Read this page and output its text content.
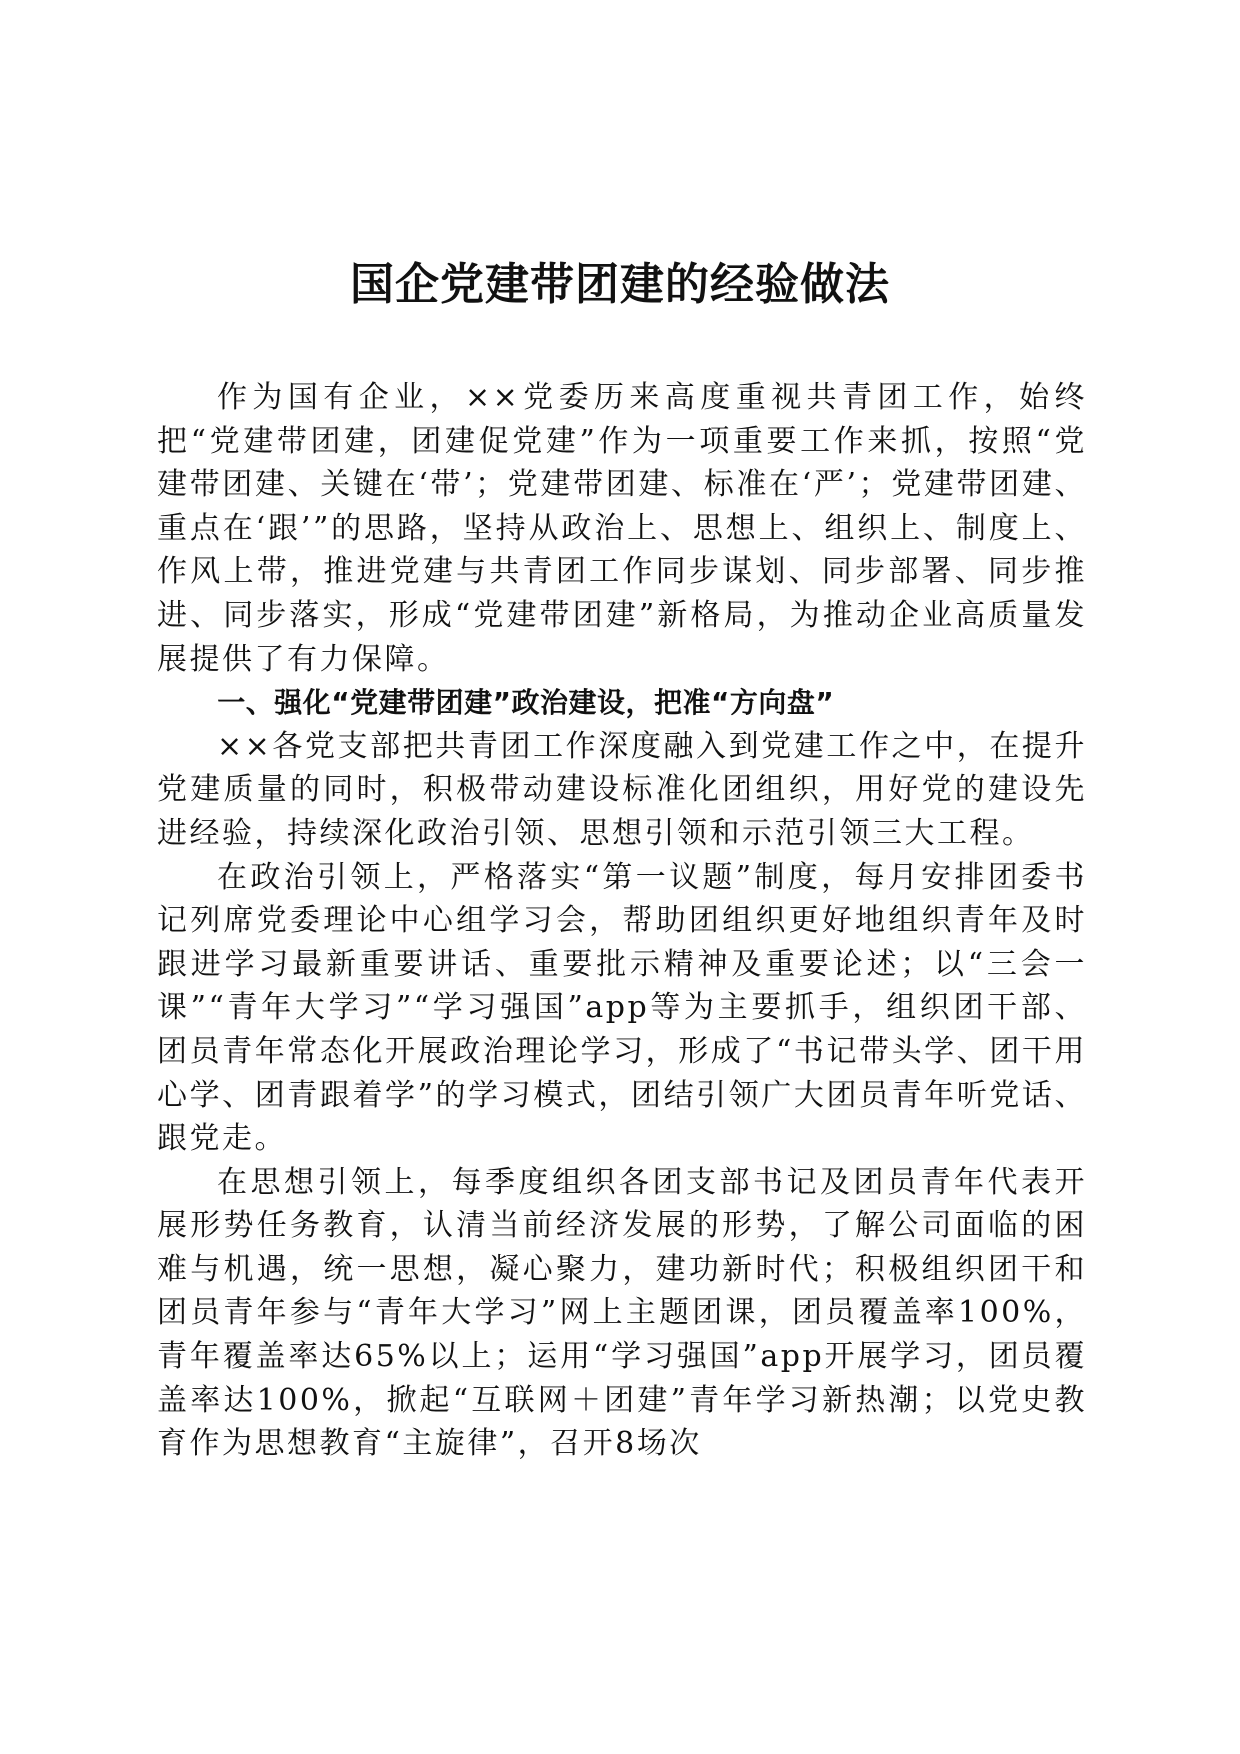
国企党建带团建的经验做法

作为国有企业，××党委历来高度重视共青团工作，始终把“党建带团建，团建促党建”作为一项重要工作来抓，按照“党建带团建、关键在‘带’；党建带团建、标准在‘严’；党建带团建、重点在‘跟’”的思路，坚持从政治上、思想上、组织上、制度上、作风上带，推进党建与共青团工作同步谋划、同步部署、同步推进、同步落实，形成“党建带团建”新格局，为推动企业高质量发展提供了有力保障。

一、强化“党建带团建”政治建设，把准“方向盘”

××各党支部把共青团工作深度融入到党建工作之中，在提升党建质量的同时，积极带动建设标准化团组织，用好党的建设先进经验，持续深化政治引领、思想引领和示范引领三大工程。

在政治引领上，严格落实“第一议题”制度，每月安排团委书记列席党委理论中心组学习会，帮助团组织更好地组织青年及时跟进学习最新重要讲话、重要批示精神及重要论述；以“三会一课”“青年大学习”“学习强国”app等为主要抓手，组织团干部、团员青年常态化开展政治理论学习，形成了“书记带头学、团干用心学、团青跟着学”的学习模式，团结引领广大团员青年听党话、跟党走。

在思想引领上，每季度组织各团支部书记及团员青年代表开展形势任务教育，认清当前经济发展的形势，了解公司面临的困难与机遇，统一思想，凝心聚力，建功新时代；积极组织团干和团员青年参与“青年大学习”网上主题团课，团员覆盖率100%，青年覆盖率达65%以上；运用“学习强国”app开展学习，团员覆盖率达100%，掀起“互联网＋团建”青年学习新热潮；以党史教育作为思想教育“主旋律”，召开8场次
